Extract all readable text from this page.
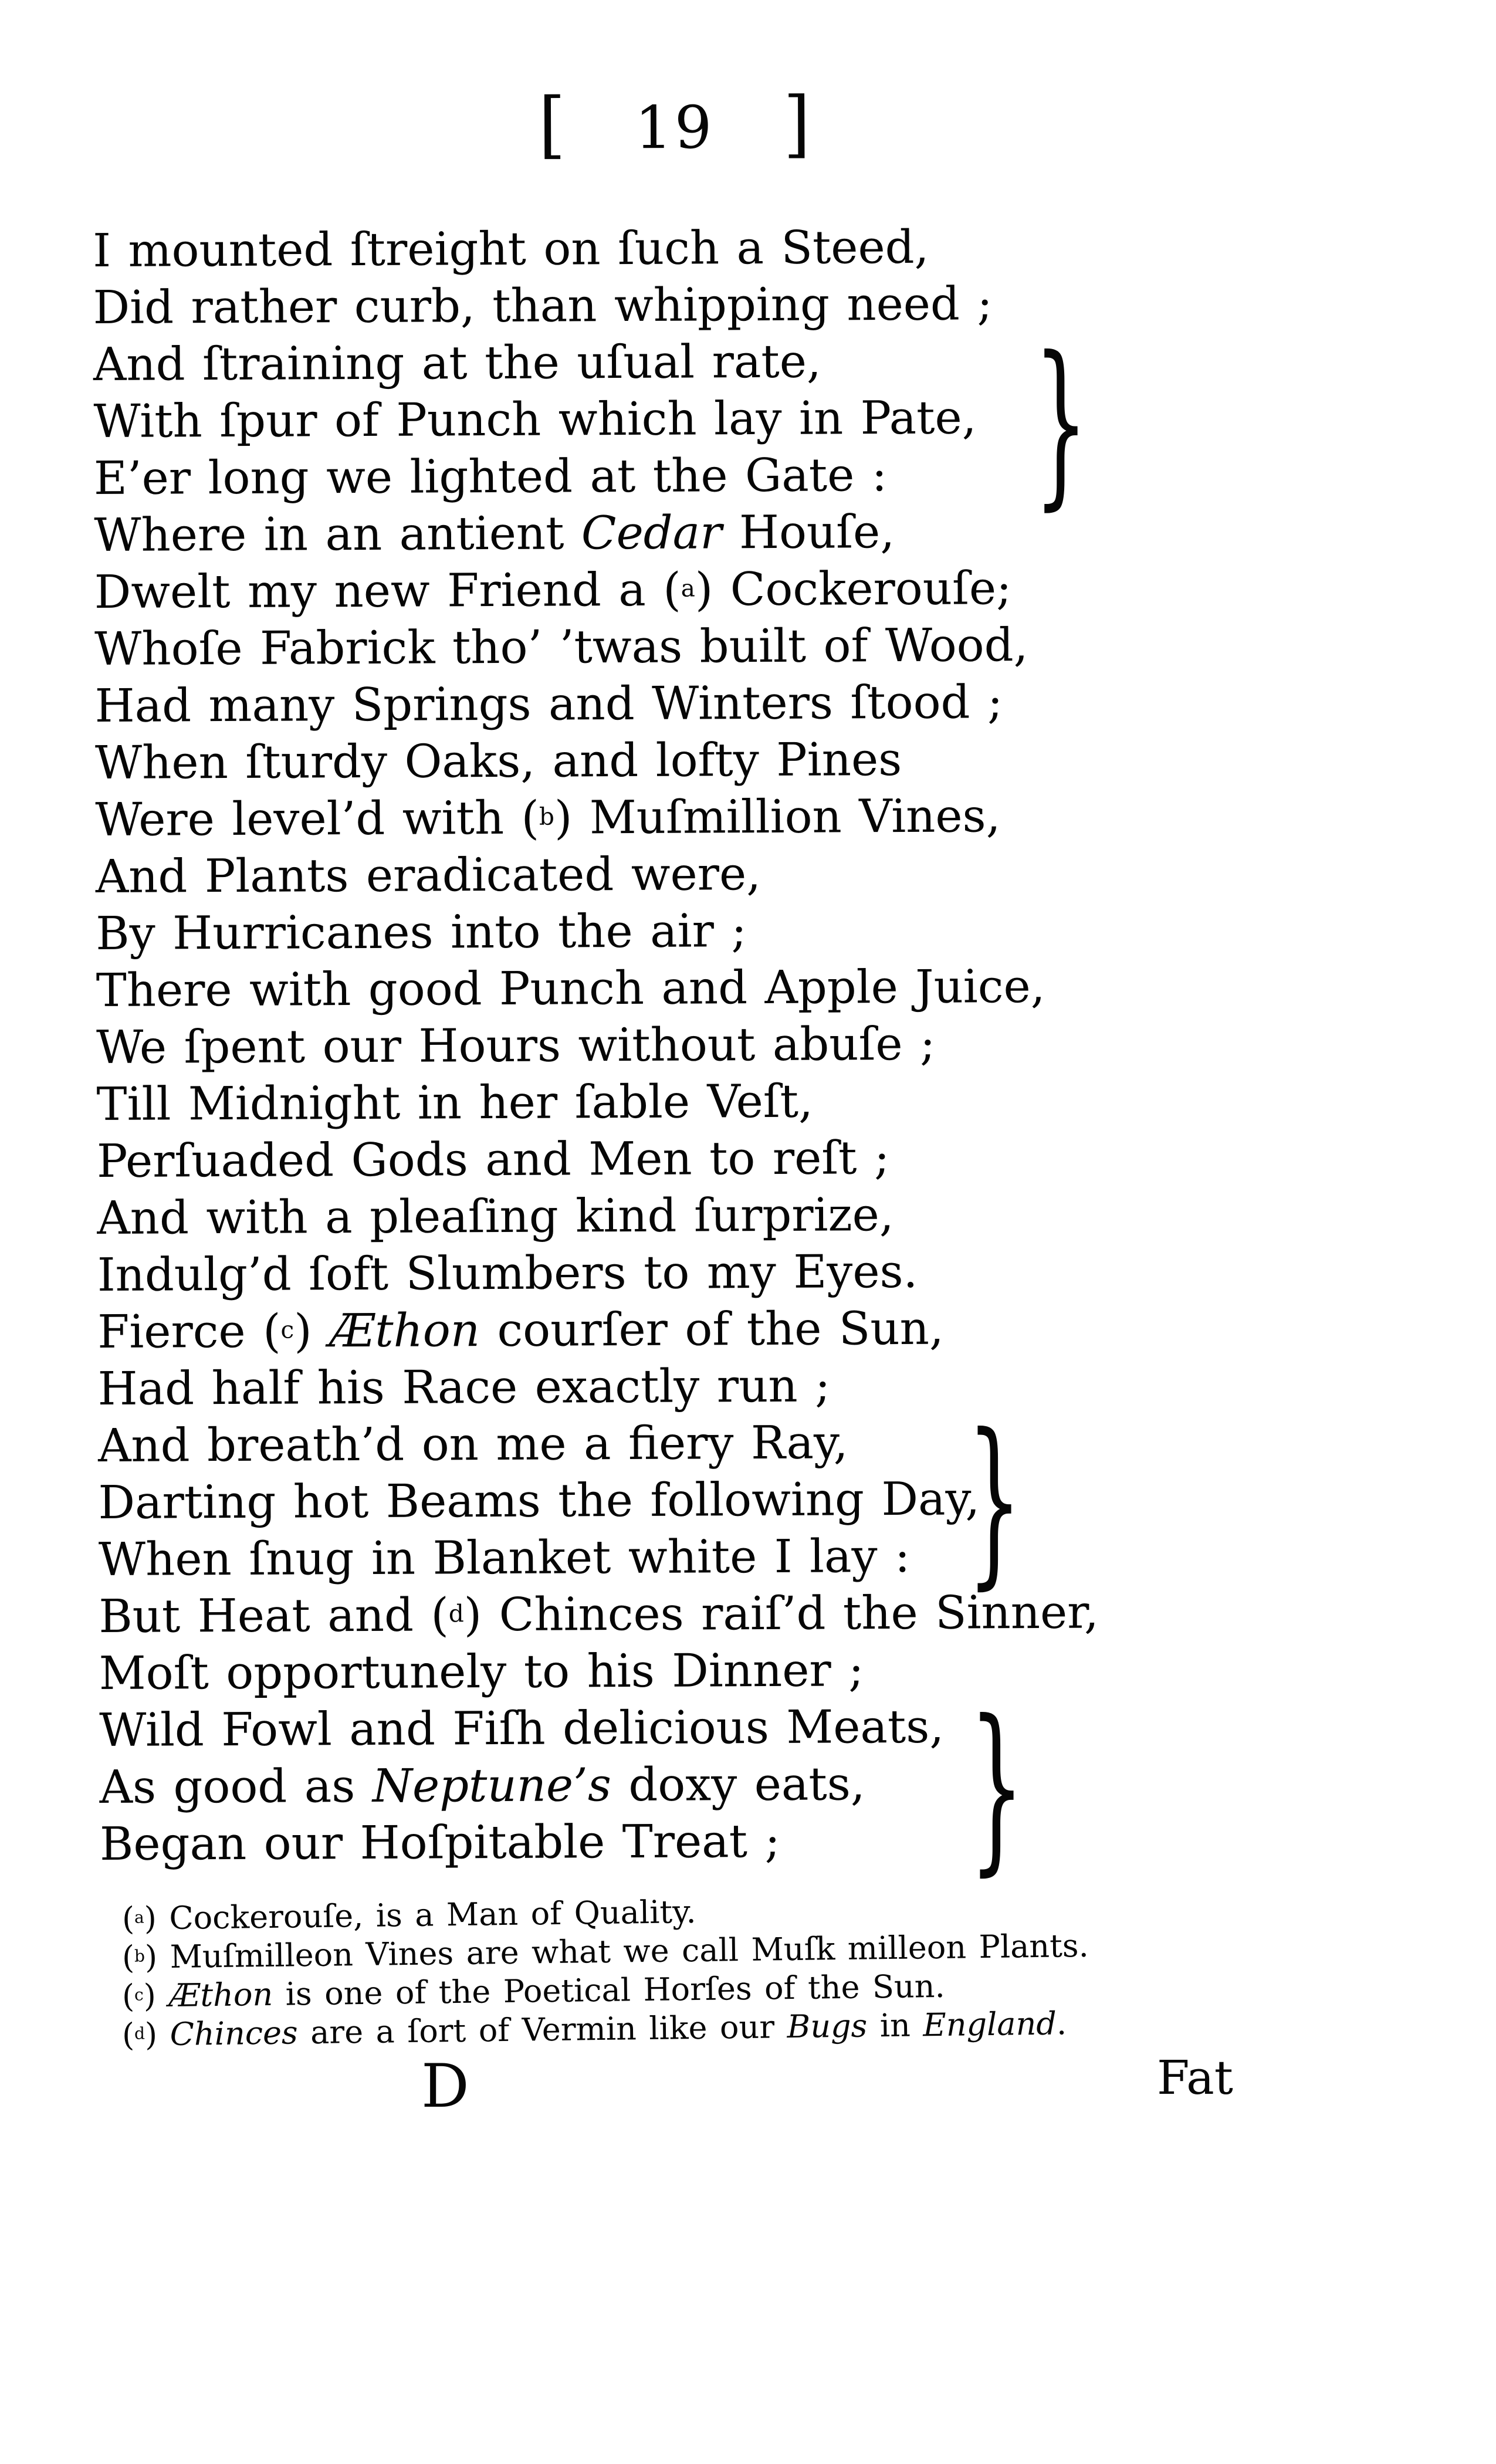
[ 19 ]
I mounted ſtreight on ſuch a Steed,
Did rather curb, than whipping need ;
And ſtraining at the uſual rate,
With ſpur of Punch which lay in Pate,
E’er long we lighted at the Gate :
Where in an antient Cedar Houſe,
Dwelt my new Friend a ($^a$) Cockerouſe;
Whoſe Fabrick tho’ ’twas built of Wood,
Had many Springs and Winters ſtood ;
When ſturdy Oaks, and lofty Pines
Were level’d with ($^b$) Muſmillion Vines,
And Plants eradicated were,
By Hurricanes into the air ;
There with good Punch and Apple Juice,
We ſpent our Hours without abuſe ;
Till Midnight in her ſable Veſt,
Perſuaded Gods and Men to reſt ;
And with a pleaſing kind ſurprize,
Indulg’d ſoft Slumbers to my Eyes.
Fierce ($^c$) Æthon courſer of the Sun,
Had half his Race exactly run ;
And breath’d on me a fiery Ray,
Darting hot Beams the following Day,
When ſnug in Blanket white I lay :
But Heat and ($^d$) Chinces raiſ’d the Sinner,
Moſt opportunely to his Dinner ;
Wild Fowl and Fiſh delicious Meats,
As good as Neptune’s doxy eats,
Began our Hoſpitable Treat ;
}
}
}
($^a$) Cockerouſe, is a Man of Quality.
($^b$) Muſmilleon Vines are what we call Muſk milleon Plants.
($^c$) Æthon is one of the Poetical Horſes of the Sun.
($^d$) Chinces are a ſort of Vermin like our Bugs in England.
D	Fat
